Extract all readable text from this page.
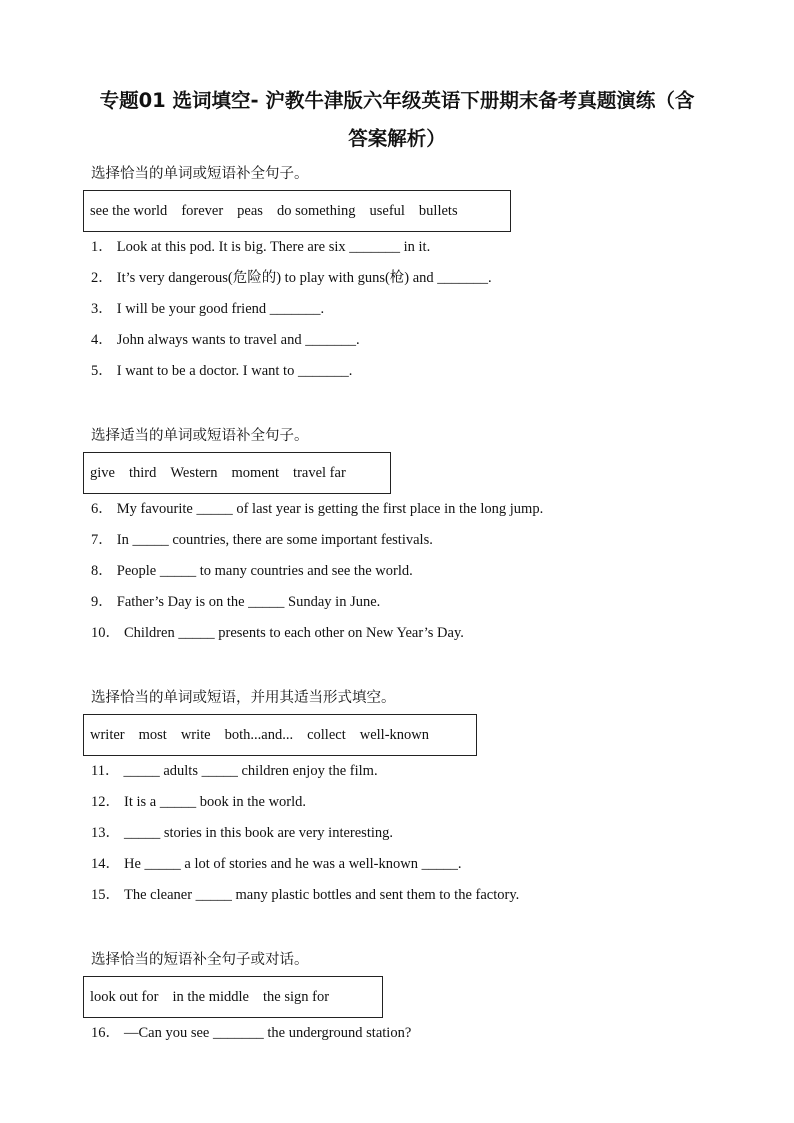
专题01 选词填空- 沪教牛津版六年级英语下册期末备考真题演练（含
答案解析）
选择恰当的单词或短语补全句子。
see the world forever peas do something useful bullets
1． Look at this pod. It is big. There are six _______ in it.
2． It’s very dangerous(危险的) to play with guns(枪) and _______.
3． I will be your good friend _______.
4． John always wants to travel and _______.
5． I want to be a doctor. I want to _______.
选择适当的单词或短语补全句子。
give third Western moment travel far
6． My favourite _____ of last year is getting the first place in the long jump.
7． In _____ countries, there are some important festivals.
8． People _____ to many countries and see the world.
9． Father’s Day is on the _____ Sunday in June.
10． Children _____ presents to each other on New Year’s Day.
选择恰当的单词或短语，并用其适当形式填空。
writer most write both...and... collect well-known
11． _____ adults _____ children enjoy the film.
12． It is a _____ book in the world.
13． _____ stories in this book are very interesting.
14． He _____ a lot of stories and he was a well-known _____.
15． The cleaner _____ many plastic bottles and sent them to the factory.
选择恰当的短语补全句子或对话。
look out for in the middle the sign for
16． —Can you see _______ the underground station?
